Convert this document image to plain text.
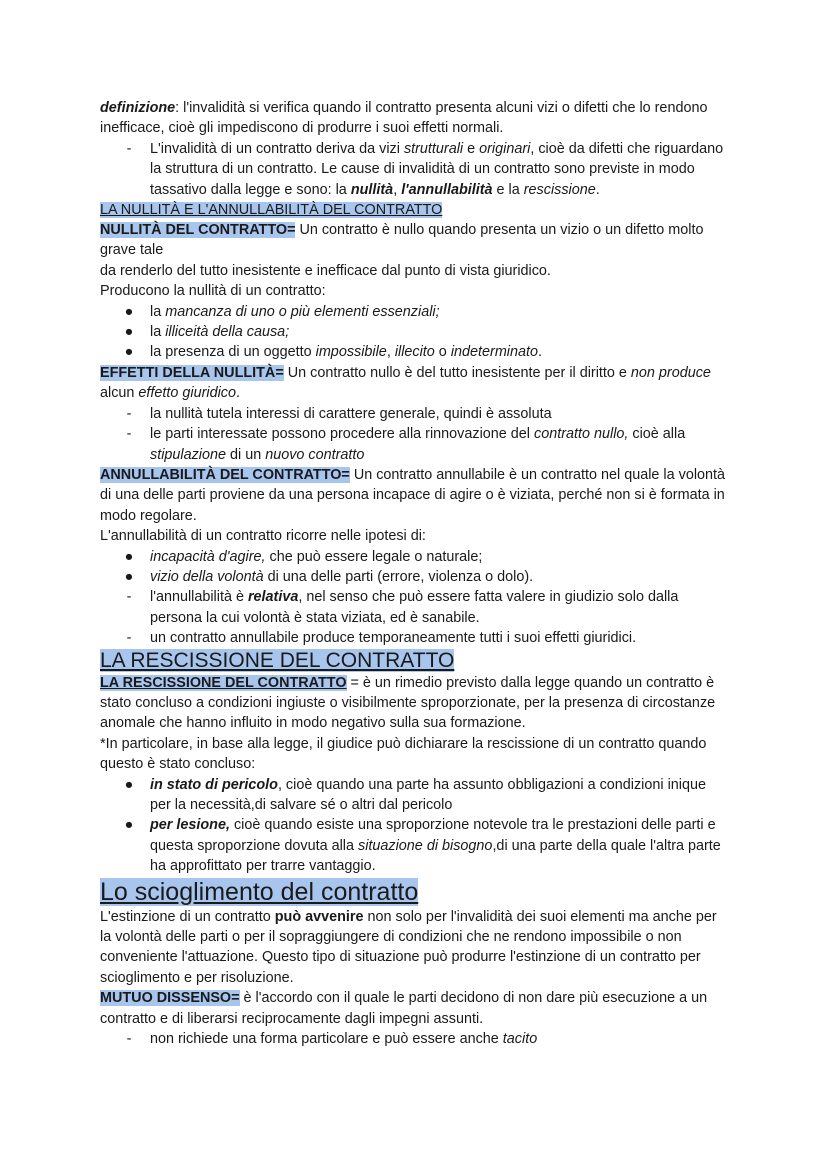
definizione: l'invalidità si verifica quando il contratto presenta alcuni vizi o difetti che lo rendono inefficace, cioè gli impediscono di produrre i suoi effetti normali.

-	L'invalidità di un contratto deriva da vizi strutturali e originari, cioè da difetti che riguardano la struttura di un contratto. Le cause di invalidità di un contratto sono previste in modo tassativo dalla legge e sono: la nullità, l'annullabilità e la rescissione.

LA NULLITÀ E L'ANNULLABILITÀ DEL CONTRATTO

NULLITÀ DEL CONTRATTO= Un contratto è nullo quando presenta un vizio o un difetto molto grave tale

da renderlo del tutto inesistente e inefficace dal punto di vista giuridico.

Producono la nullità di un contratto:

● la mancanza di uno o più elementi essenziali;
● la illiceità della causa;
● la presenza di un oggetto impossibile, illecito o indeterminato.

EFFETTI DELLA NULLITÀ= Un contratto nullo è del tutto inesistente per il diritto e non produce alcun effetto giuridico.

-	la nullità tutela interessi di carattere generale, quindi è assoluta
-	le parti interessate possono procedere alla rinnovazione del contratto nullo, cioè alla stipulazione di un nuovo contratto

ANNULLABILITÀ DEL CONTRATTO= Un contratto annullabile è un contratto nel quale la volontà di una delle parti proviene da una persona incapace di agire o è viziata, perché non si è formata in modo regolare.

L'annullabilità di un contratto ricorre nelle ipotesi di:

● incapacità d'agire, che può essere legale o naturale;
● vizio della volontà di una delle parti (errore, violenza o dolo).
-	l'annullabilità è relativa, nel senso che può essere fatta valere in giudizio solo dalla persona la cui volontà è stata viziata, ed è sanabile.
-	un contratto annullabile produce temporaneamente tutti i suoi effetti giuridici.

LA RESCISSIONE DEL CONTRATTO

LA RESCISSIONE DEL CONTRATTO = è un rimedio previsto dalla legge quando un contratto è stato concluso a condizioni ingiuste o visibilmente sproporzionate, per la presenza di circostanze anomale che hanno influito in modo negativo sulla sua formazione.

*In particolare, in base alla legge, il giudice può dichiarare la rescissione di un contratto quando questo è stato concluso:

● in stato di pericolo, cioè quando una parte ha assunto obbligazioni a condizioni inique per la necessità,di salvare sé o altri dal pericolo
● per lesione, cioè quando esiste una sproporzione notevole tra le prestazioni delle parti e questa sproporzione dovuta alla situazione di bisogno,di una parte della quale l'altra parte ha approfittato per trarre vantaggio.

Lo scioglimento del contratto

L'estinzione di un contratto può avvenire non solo per l'invalidità dei suoi elementi ma anche per la volontà delle parti o per il sopraggiungere di condizioni che ne rendono impossibile o non conveniente l'attuazione. Questo tipo di situazione può produrre l'estinzione di un contratto per scioglimento e per risoluzione.

MUTUO DISSENSO= è l'accordo con il quale le parti decidono di non dare più esecuzione a un contratto e di liberarsi reciprocamente dagli impegni assunti.

-	non richiede una forma particolare e può essere anche tacito
